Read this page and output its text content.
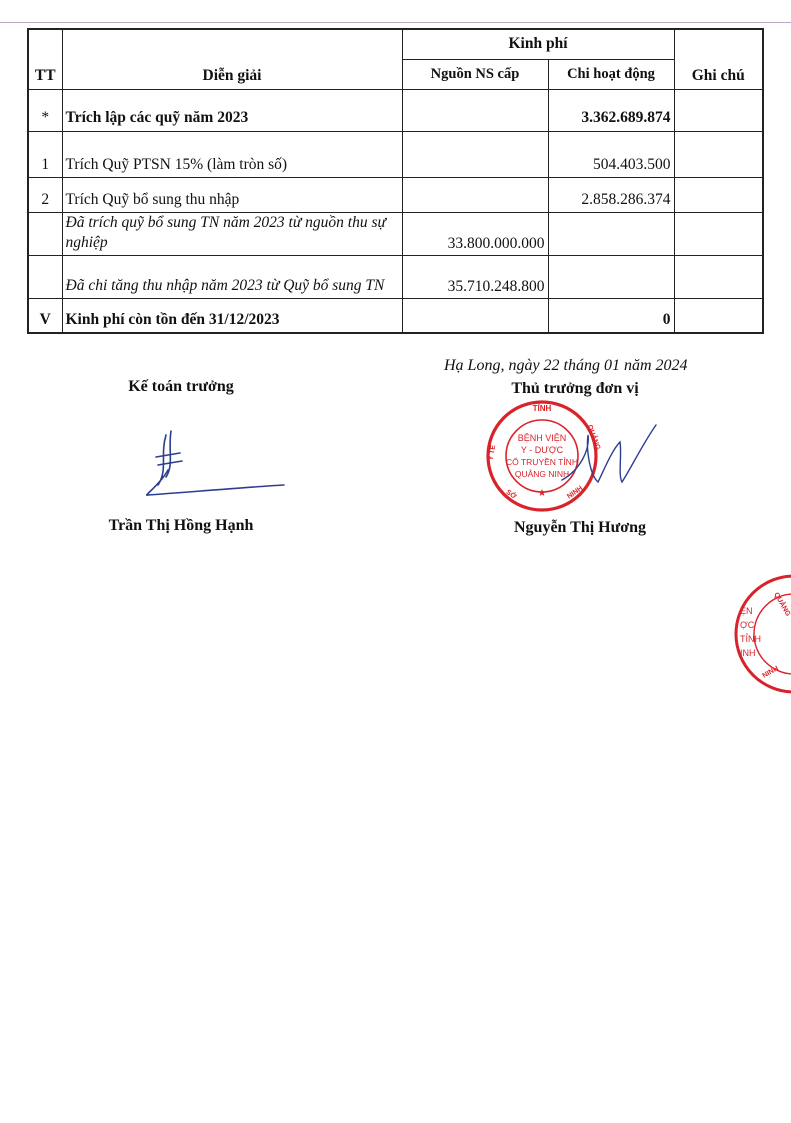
TT	Diễn giải	Kinh phí		Ghi chú
		Nguồn NS cấp	Chi hoạt động	
*	Trích lập các quỹ năm 2023		3.362.689.874	
1	Trích Quỹ PTSN 15% (làm tròn số)		504.403.500	
2	Trích Quỹ bổ sung thu nhập		2.858.286.374	
	Đã trích quỹ bổ sung TN năm 2023 từ nguồn thu sự nghiệp	33.800.000.000		
	Đã chi tăng thu nhập năm 2023 từ Quỹ bổ sung TN	35.710.248.800		
V	Kinh phí còn tồn đến 31/12/2023		0	
Hạ Long, ngày 22 tháng 01 năm 2024
Kế toán trưởng
Trần Thị Hồng Hạnh
Thủ trưởng đơn vị
TỈNH
QUẢNG
Y TẾ
SỞ	NINH
★
BỆNH VIỆN
Y - DƯỢC
CỔ TRUYỀN TỈNH
QUẢNG NINH
Nguyễn Thị Hương
ỆN
ỢC
TỈNH
INH
QUẢNG
NINH
